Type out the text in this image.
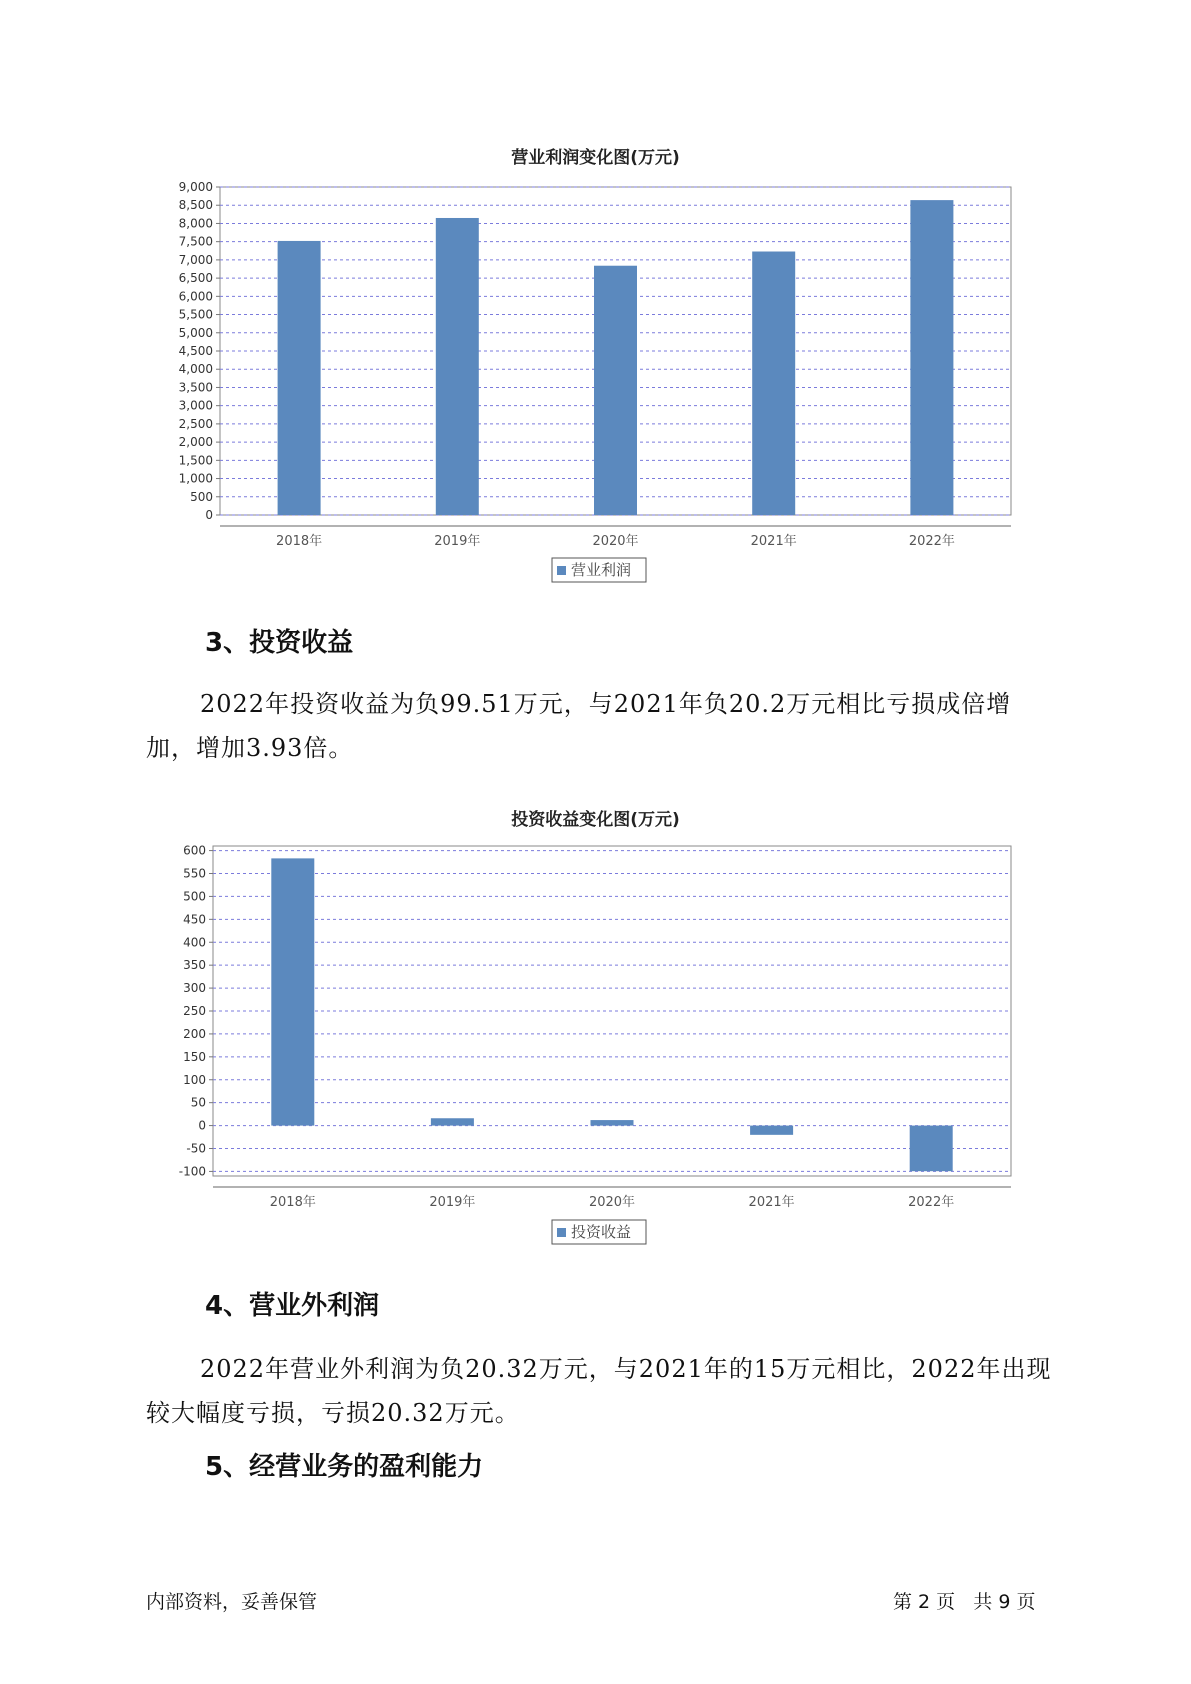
营业利润变化图(万元)
0
500
1,000
1,500
2,000
2,500
3,000
3,500
4,000
4,500
5,000
5,500
6,000
6,500
7,000
7,500
8,000
8,500
9,000
2018年	2019年	2020年	2021年	2022年
营业利润
3、投资收益
2022年投资收益为负99.51万元，与2021年负20.2万元相比亏损成倍增加，增加3.93倍。
投资收益变化图(万元)
-100
-50
0
50
100
150
200
250
300
350
400
450
500
550
600
2018年	2019年	2020年	2021年	2022年
投资收益
4、营业外利润
2022年营业外利润为负20.32万元，与2021年的15万元相比，2022年出现较大幅度亏损，亏损20.32万元。
5、经营业务的盈利能力
内部资料，妥善保管	第 2 页   共 9 页
